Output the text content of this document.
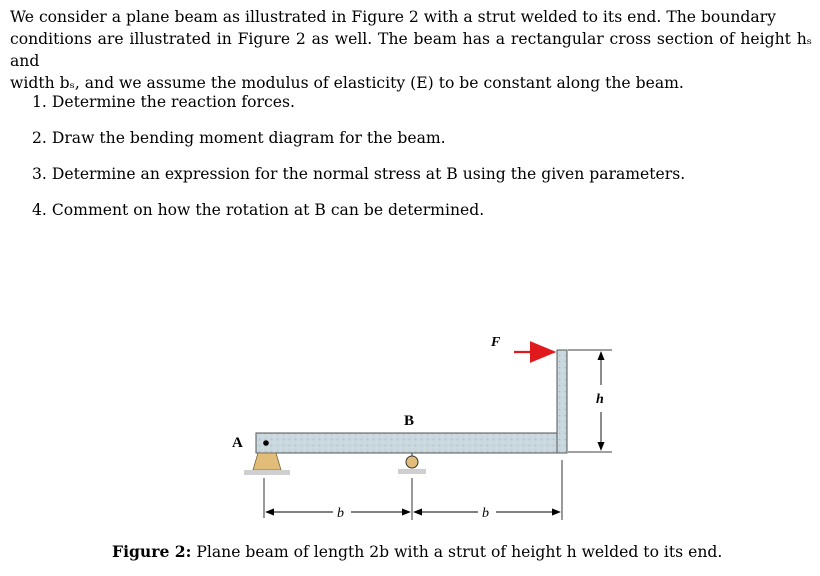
We consider a plane beam as illustrated in Figure 2 with a strut welded to its end. The boundary
conditions are illustrated in Figure 2 as well. The beam has a rectangular cross section of height hₛ and
width bₛ, and we assume the modulus of elasticity (E) to be constant along the beam.
1. Determine the reaction forces.
2. Draw the bending moment diagram for the beam.
3. Determine an expression for the normal stress at B using the given parameters.
4. Comment on how the rotation at B can be determined.
F
h
A
B
b	b
Figure 2: Plane beam of length 2b with a strut of height h welded to its end.
